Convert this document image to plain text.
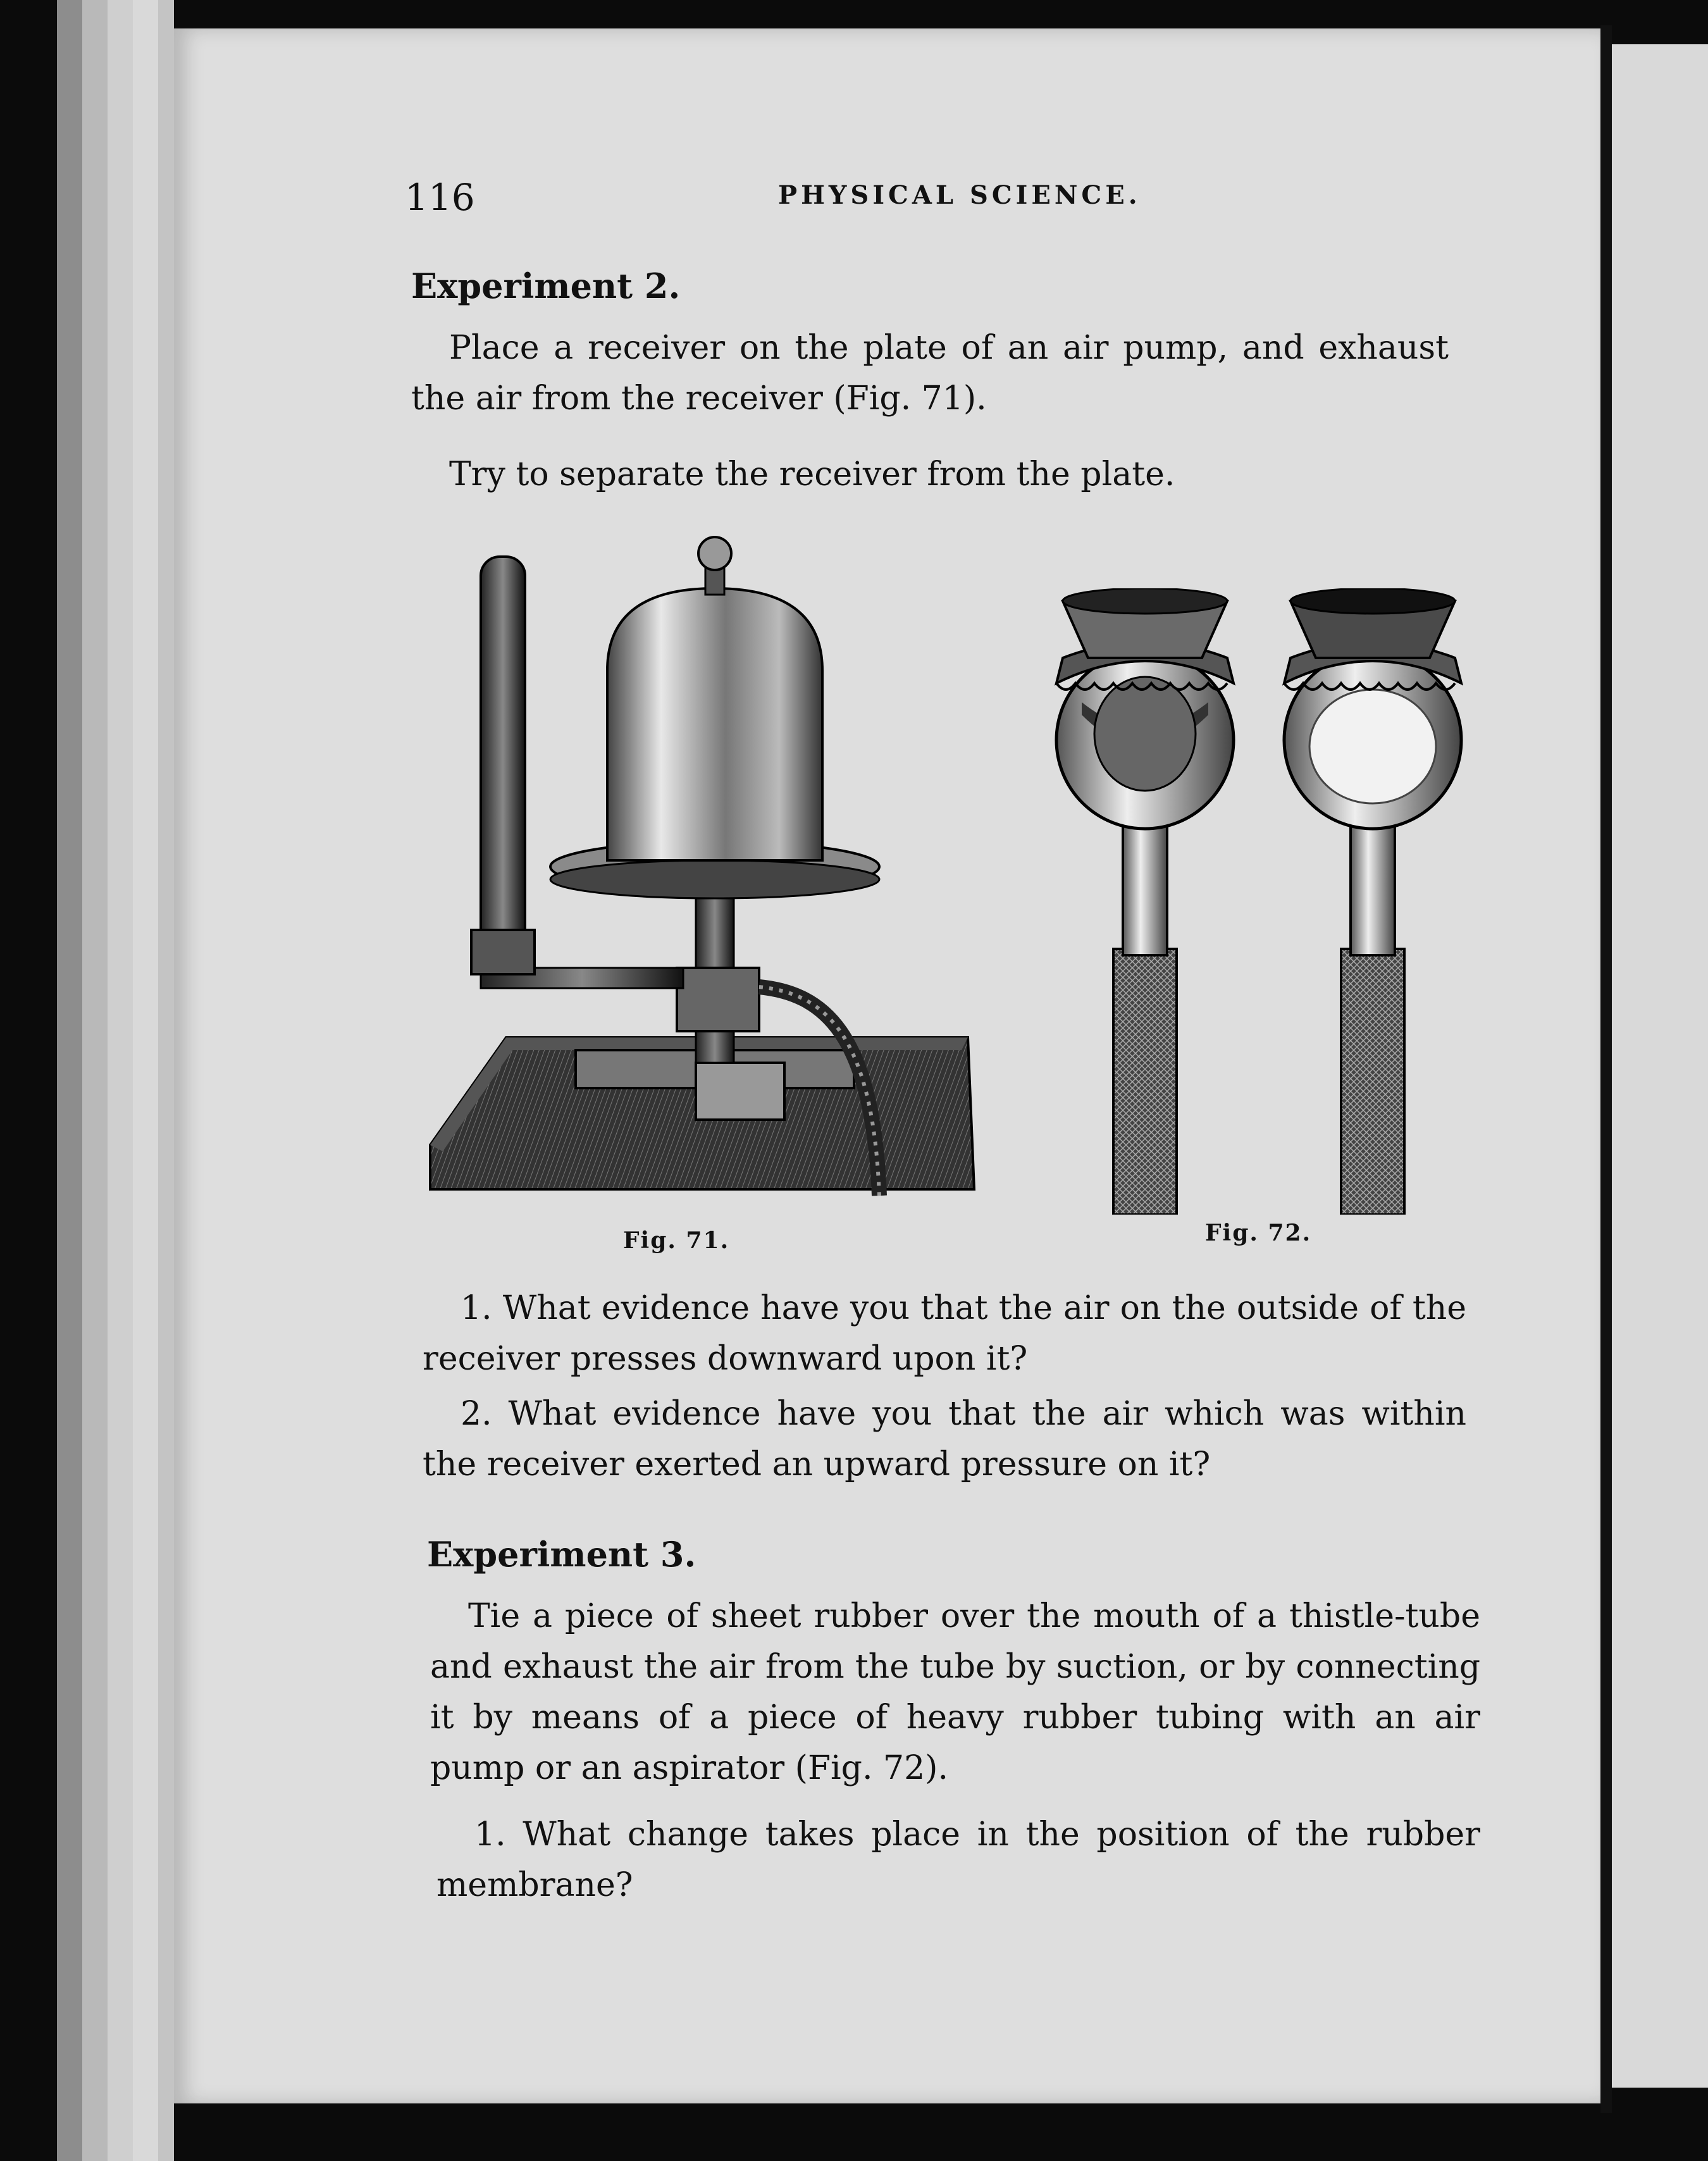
116	PHYSICAL SCIENCE.
Experiment 2.
Place a receiver on the plate of an air pump, and exhaust the air from the receiver (Fig. 71).
Try to separate the receiver from the plate.
Fig. 71.	Fig. 72.
1. What evidence have you that the air on the outside of the receiver presses downward upon it?
2. What evidence have you that the air which was within the receiver exerted an upward pressure on it?
Experiment 3.
Tie a piece of sheet rubber over the mouth of a thistle-tube and exhaust the air from the tube by suction, or by connecting it by means of a piece of heavy rubber tubing with an air pump or an aspirator (Fig. 72).
1. What change takes place in the position of the rubber membrane?
